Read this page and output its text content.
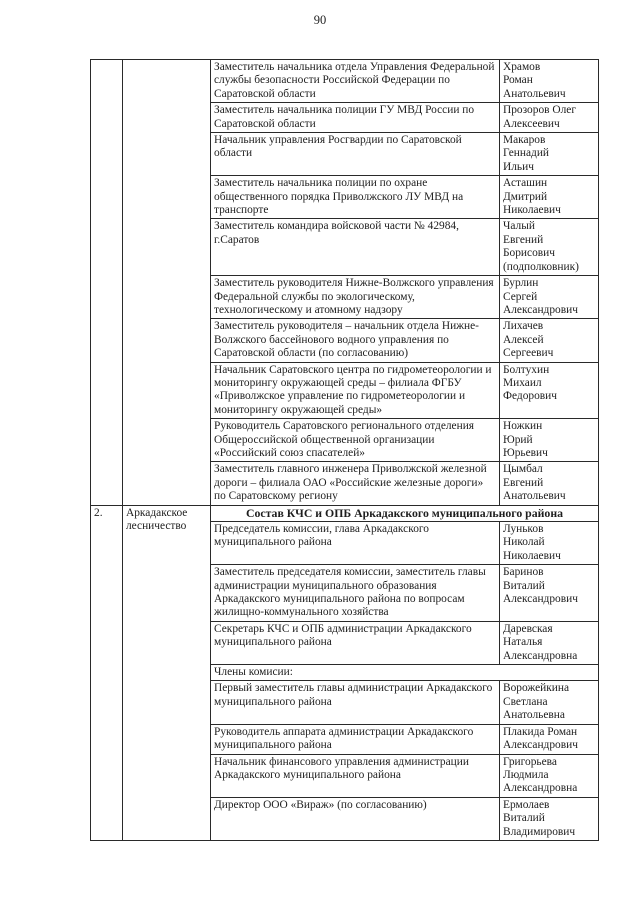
90
		Заместитель начальника отдела Управления Федеральной службы безопасности Российской Федерации по Саратовской области	Храмов
Роман
Анатольевич

		Заместитель начальника полиции ГУ МВД России по Саратовской области	Прозоров Олег
Алексеевич

		Начальник управления Росгвардии по Саратовской области	Макаров
Геннадий
Ильич

		Заместитель начальника полиции по охране общественного порядка Приволжского ЛУ МВД на транспорте	Асташин
Дмитрий
Николаевич

		Заместитель командира войсковой части № 42984, г.Саратов	Чалый
Евгений
Борисович
(подполковник)

		Заместитель руководителя Нижне-Волжского управления Федеральной службы по экологическому, технологическому и атомному надзору	Бурлин
Сергей
Александрович

		Заместитель руководителя – начальник отдела Нижне-Волжского бассейнового водного управления по Саратовской области (по согласованию)	Лихачев
Алексей
Сергеевич

		Начальник Саратовского центра по гидрометеорологии и мониторингу окружающей среды – филиала ФГБУ «Приволжское управление по гидрометеорологии и мониторингу окружающей среды»	Болтухин
Михаил
Федорович

		Руководитель Саратовского регионального отделения Общероссийской общественной организации «Российский союз спасателей»	Ножкин
Юрий
Юрьевич

		Заместитель главного инженера Приволжской железной дороги – филиала ОАО «Российские железные дороги» по Саратовскому региону	Цымбал
Евгений
Анатольевич

2.	Аркадакское лесничество	Состав КЧС и ОПБ Аркадакского муниципального района	
		Председатель комиссии, глава Аркадакского муниципального района	Луньков
Николай
Николаевич

		Заместитель председателя комиссии, заместитель главы администрации муниципального образования Аркадакского муниципального района по вопросам жилищно-коммунального хозяйства	Баринов
Виталий
Александрович

		Секретарь КЧС и ОПБ администрации Аркадакского муниципального района	Даревская
Наталья
Александровна

		Члены комисии:	
		Первый заместитель главы администрации Аркадакского муниципального района	Ворожейкина
Светлана
Анатольевна

		Руководитель аппарата администрации Аркадакского муниципального района	Плакида Роман
Александрович

		Начальник финансового управления администрации Аркадакского муниципального района	Григорьева
Людмила
Александровна

		Директор ООО «Вираж» (по согласованию)	Ермолаев
Виталий
Владимирович
